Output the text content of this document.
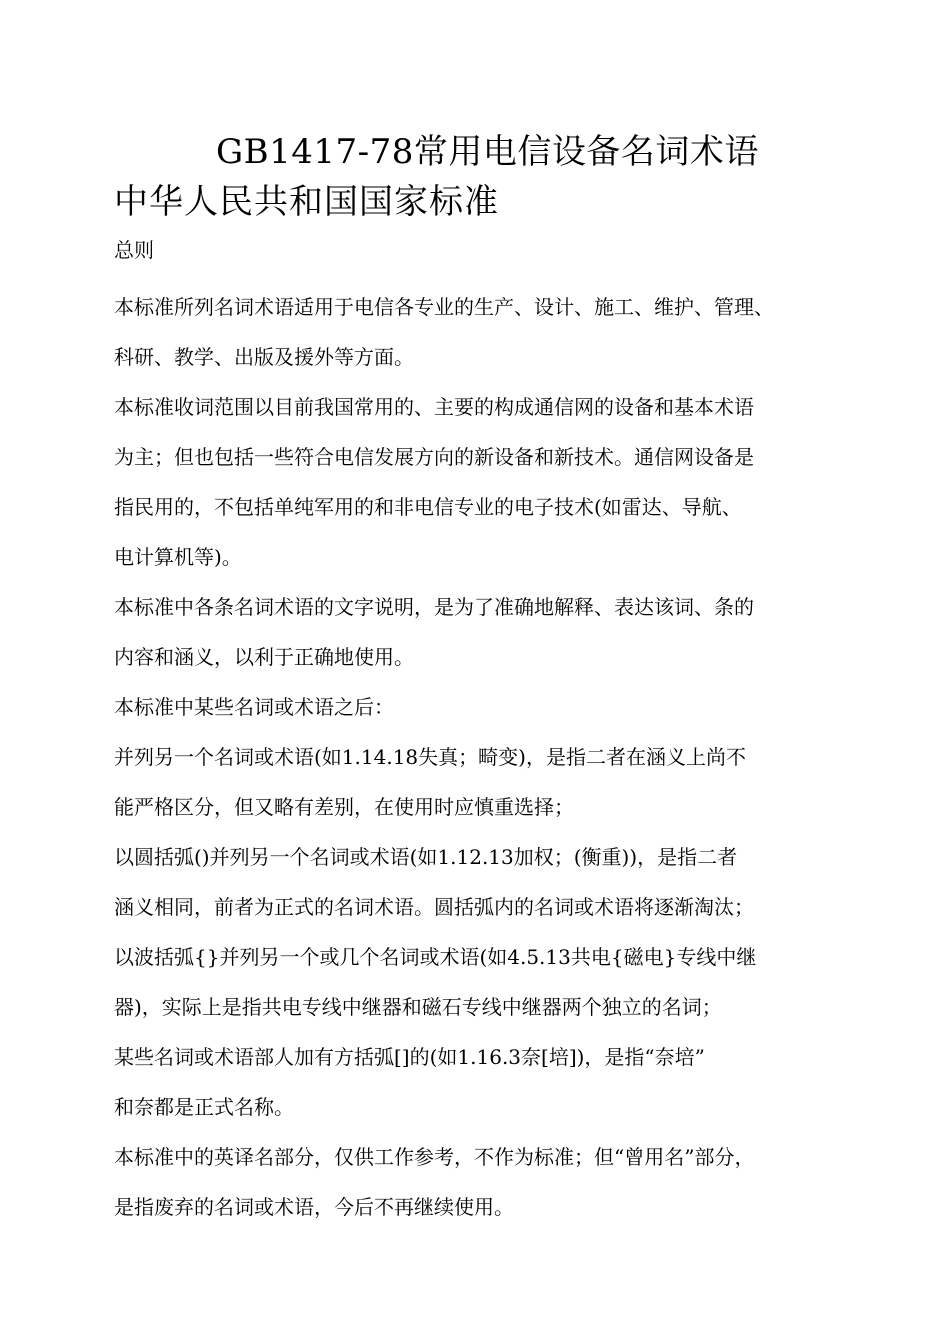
GB1417-78常用电信设备名词术语
中华人民共和国国家标准
总则

本标准所列名词术语适用于电信各专业的生产、设计、施工、维护、管理、

科研、教学、出版及援外等方面。

本标准收词范围以目前我国常用的、主要的构成通信网的设备和基本术语

为主；但也包括一些符合电信发展方向的新设备和新技术。通信网设备是

指民用的，不包括单纯军用的和非电信专业的电子技术(如雷达、导航、

电计算机等)。

本标准中各条名词术语的文字说明，是为了准确地解释、表达该词、条的

内容和涵义，以利于正确地使用。

本标准中某些名词或术语之后：

并列另一个名词或术语(如1.14.18失真；畸变)，是指二者在涵义上尚不

能严格区分，但又略有差别，在使用时应慎重选择；

以圆括弧()并列另一个名词或术语(如1.12.13加权；(衡重))，是指二者

涵义相同，前者为正式的名词术语。圆括弧内的名词或术语将逐渐淘汰；

以波括弧{}并列另一个或几个名词或术语(如4.5.13共电{磁电}专线中继

器)，实际上是指共电专线中继器和磁石专线中继器两个独立的名词；

某些名词或术语部人加有方括弧[]的(如1.16.3奈[培])，是指“奈培”

和奈都是正式名称。

本标准中的英译名部分，仅供工作参考，不作为标准；但“曾用名”部分，

是指废弃的名词或术语，今后不再继续使用。
